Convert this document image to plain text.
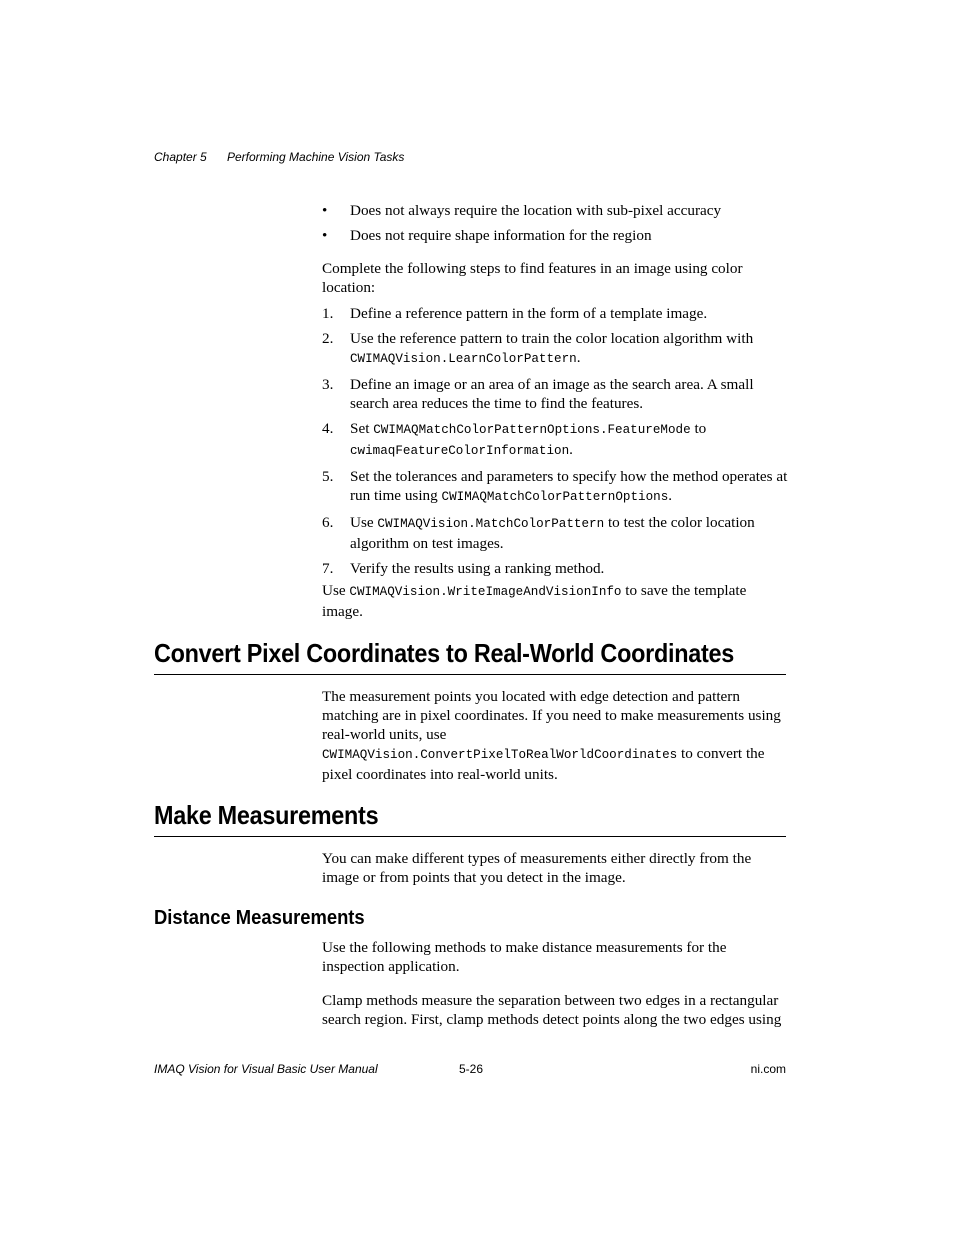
Chapter 5 Performing Machine Vision Tasks
• Does not always require the location with sub-pixel accuracy
• Does not require shape information for the region

Complete the following steps to find features in an image using color location:

1. Define a reference pattern in the form of a template image.
2. Use the reference pattern to train the color location algorithm with CWIMAQVision.LearnColorPattern.
3. Define an image or an area of an image as the search area. A small search area reduces the time to find the features.
4. Set CWIMAQMatchColorPatternOptions.FeatureMode to cwimaqFeatureColorInformation.
5. Set the tolerances and parameters to specify how the method operates at run time using CWIMAQMatchColorPatternOptions.
6. Use CWIMAQVision.MatchColorPattern to test the color location algorithm on test images.
7. Verify the results using a ranking method.

Use CWIMAQVision.WriteImageAndVisionInfo to save the template image.

Convert Pixel Coordinates to Real-World Coordinates

The measurement points you located with edge detection and pattern matching are in pixel coordinates. If you need to make measurements using real-world units, use CWIMAQVision.ConvertPixelToRealWorldCoordinates to convert the pixel coordinates into real-world units.

Make Measurements

You can make different types of measurements either directly from the image or from points that you detect in the image.

Distance Measurements

Use the following methods to make distance measurements for the inspection application.

Clamp methods measure the separation between two edges in a rectangular search region. First, clamp methods detect points along the two edges using

IMAQ Vision for Visual Basic User Manual	5-26	ni.com
